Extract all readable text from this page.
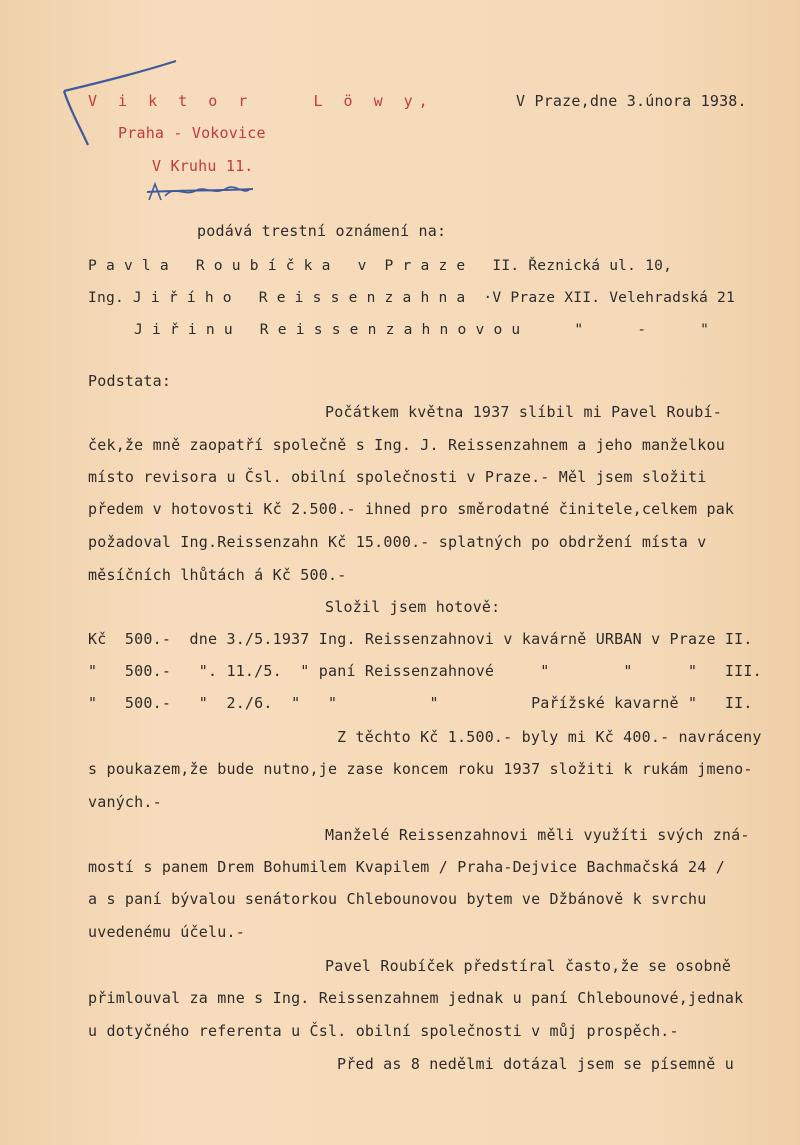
V i k t o r    L ö w y,
Praha - Vokovice
V Kruhu 11.
V Praze,dne 3.února 1938.
podává trestní oznámení na:
P a v l a   R o u b í č k a   v  P r a z e   II. Řeznická ul. 10,
Ing. J i ř í h o   R e i s s e n z a h n a  ·V Praze XII. Velehradská 21
J i ř i n u   R e i s s e n z a h n o v o u      "      -      "
Podstata:
Počátkem května 1937 slíbil mi Pavel Roubí-
ček,že mně zaopatří společně s Ing. J. Reissenzahnem a jeho manželkou
místo revisora u Čsl. obilní společnosti v Praze.- Měl jsem složiti
předem v hotovosti Kč 2.500.- ihned pro směrodatné činitele,celkem pak
požadoval Ing.Reissenzahn Kč 15.000.- splatných po obdržení místa v
měsíčních lhůtách á Kč 500.-
Složil jsem hotově:
Kč  500.-  dne 3./5.1937 Ing. Reissenzahnovi v kavárně URBAN v Praze II.
"   500.-   ". 11./5.  " paní Reissenzahnové     "        "      "   III.
"   500.-   "  2./6.  "   "          "          Pařížské kavarně "   II.
Z těchto Kč 1.500.- byly mi Kč 400.- navráceny
s poukazem,že bude nutno,je zase koncem roku 1937 složiti k rukám jmeno-
vaných.-
Manželé Reissenzahnovi měli využíti svých zná-
mostí s panem Drem Bohumilem Kvapilem / Praha-Dejvice Bachmačská 24 /
a s paní bývalou senátorkou Chlebounovou bytem ve Džbánově k svrchu
uvedenému účelu.-
Pavel Roubíček předstíral často,že se osobně
přimlouval za mne s Ing. Reissenzahnem jednak u paní Chlebounové,jednak
u dotyčného referenta u Čsl. obilní společnosti v můj prospěch.-
Před as 8 nedělmi dotázal jsem se písemně u
